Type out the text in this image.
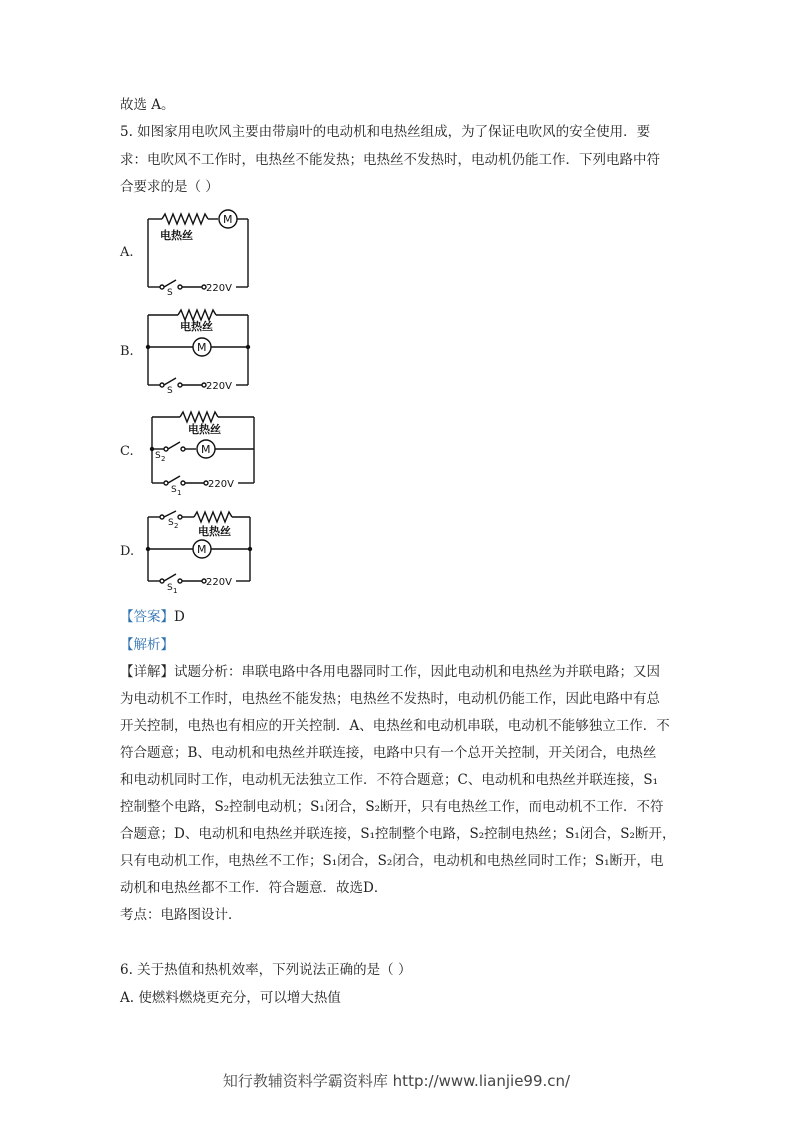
故选 A。
5. 如图家用电吹风主要由带扇叶的电动机和电热丝组成，为了保证电吹风的安全使用．要
求：电吹风不工作时，电热丝不能发热；电热丝不发热时，电动机仍能工作．下列电路中符
合要求的是（ ）
A.
M
电热丝
S	220V
B.
电热丝
M
S	220V
C.
电热丝
M
S 2
S 1
220V
D.
S 2 电热丝
M
S 1
220V
【答案】D
【解析】
【详解】试题分析：串联电路中各用电器同时工作，因此电动机和电热丝为并联电路；又因
为电动机不工作时，电热丝不能发热；电热丝不发热时，电动机仍能工作，因此电路中有总
开关控制，电热也有相应的开关控制．A、电热丝和电动机串联，电动机不能够独立工作．不
符合题意；B、电动机和电热丝并联连接，电路中只有一个总开关控制，开关闭合，电热丝
和电动机同时工作，电动机无法独立工作．不符合题意；C、电动机和电热丝并联连接，S₁
控制整个电路，S₂控制电动机；S₁闭合，S₂断开，只有电热丝工作，而电动机不工作．不符
合题意；D、电动机和电热丝并联连接，S₁控制整个电路，S₂控制电热丝；S₁闭合，S₂断开，
只有电动机工作，电热丝不工作；S₁闭合，S₂闭合，电动机和电热丝同时工作；S₁断开，电
动机和电热丝都不工作．符合题意．故选D．
考点：电路图设计．
6. 关于热值和热机效率，下列说法正确的是（ ）
A. 使燃料燃烧更充分，可以增大热值
知行教辅资料学霸资料库 http://www.lianjie99.cn/
